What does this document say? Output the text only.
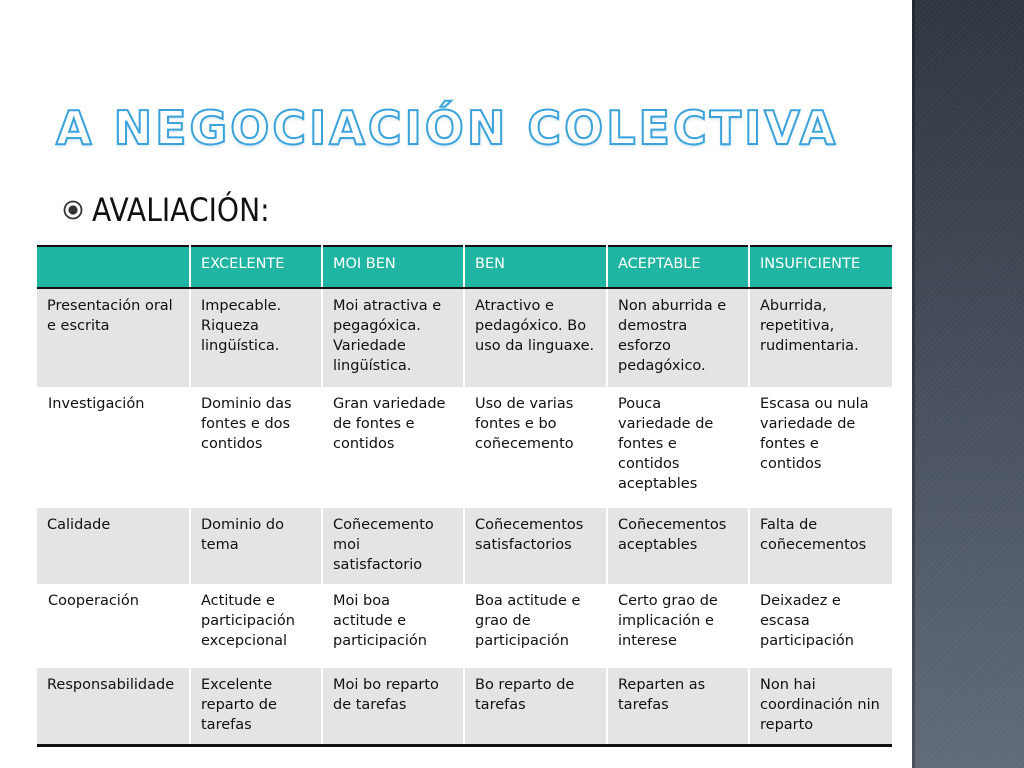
A NEGOCIACIÓN COLECTIVA
AVALIACIÓN:
	EXCELENTE	MOI BEN	BEN	ACEPTABLE	INSUFICIENTE
Presentación oral e escrita	Impecable. Riqueza lingüística.	Moi atractiva e pegagóxica. Variedade lingüística.	Atractivo e pedagóxico. Bo uso da linguaxe.	Non aburrida e demostra esforzo pedagóxico.	Aburrida, repetitiva, rudimentaria.
Investigación	Dominio das fontes e dos contidos	Gran variedade de fontes e contidos	Uso de varias fontes e bo coñecemento	Pouca variedade de fontes e contidos aceptables	Escasa ou nula variedade de fontes e contidos
Calidade	Dominio do tema	Coñecemento moi satisfactorio	Coñecementos satisfactorios	Coñecementos aceptables	Falta de coñecementos
Cooperación	Actitude e participación excepcional	Moi boa actitude e participación	Boa actitude e grao de participación	Certo grao de implicación e interese	Deixadez e escasa participación
Responsabilidade	Excelente reparto de tarefas	Moi bo reparto de tarefas	Bo reparto de tarefas	Reparten as tarefas	Non hai coordinación nin reparto
